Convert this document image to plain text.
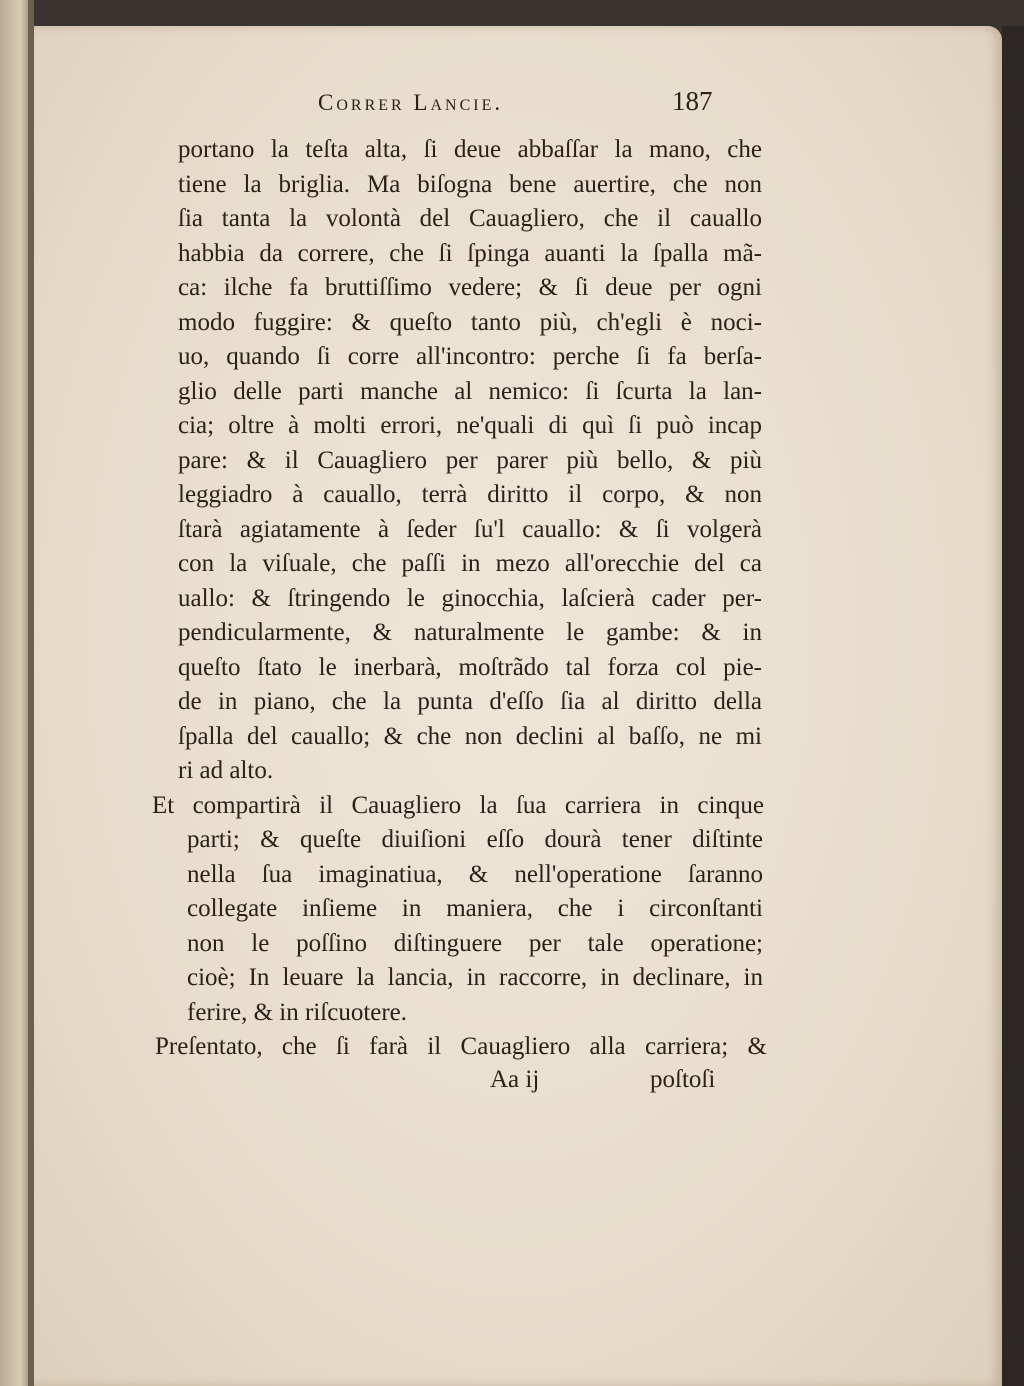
Correr Lancie.	187
portano la teſta alta, ſi deue abbaſſar la mano, che
tiene la briglia. Ma biſogna bene auertire, che non
ſia tanta la volontà del Cauagliero, che il cauallo
habbia da correre, che ſi ſpinga auanti la ſpalla mã-
ca: ilche fa bruttiſſimo vedere; & ſi deue per ogni
modo fuggire: & queſto tanto più, ch'egli è noci-
uo, quando ſi corre all'incontro: perche ſi fa berſa-
glio delle parti manche al nemico: ſi ſcurta la lan-
cia; oltre à molti errori, ne'quali di quì ſi può incap
pare: & il Cauagliero per parer più bello, & più
leggiadro à cauallo, terrà diritto il corpo, & non
ſtarà agiatamente à ſeder ſu'l cauallo: & ſi volgerà
con la viſuale, che paſſi in mezo all'orecchie del ca
uallo: & ſtringendo le ginocchia, laſcierà cader per-
pendicularmente, & naturalmente le gambe: & in
queſto ſtato le inerbarà, moſtrãdo tal forza col pie-
de in piano, che la punta d'eſſo ſia al diritto della
ſpalla del cauallo; & che non declini al baſſo, ne mi
ri ad alto.
Et compartirà il Cauagliero la ſua carriera in cinque
parti; & queſte diuiſioni eſſo dourà tener diſtinte
nella ſua imaginatiua, & nell'operatione ſaranno
collegate inſieme in maniera, che i circonſtanti
non le poſſino diſtinguere per tale operatione;
cioè; In leuare la lancia, in raccorre, in declinare, in
ferire, & in riſcuotere.
Preſentato, che ſi farà il Cauagliero alla carriera; &
Aa ij	poſtoſi
